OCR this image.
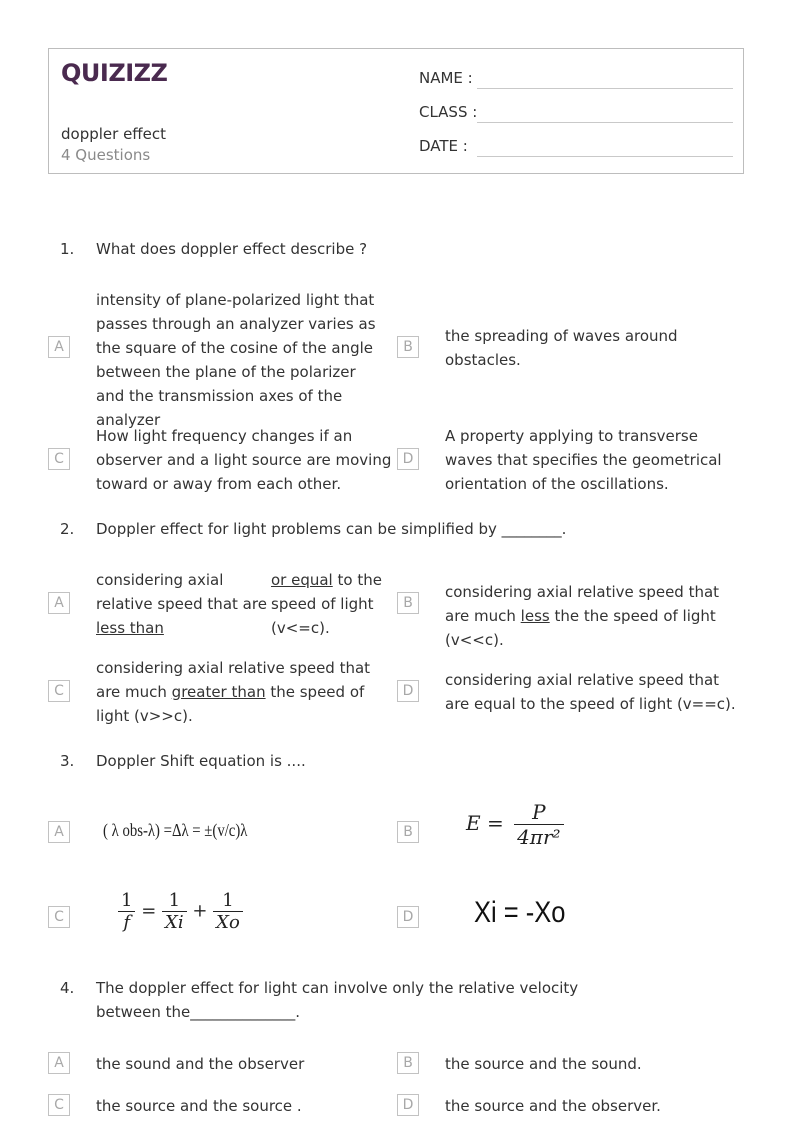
QUIZIZZ
doppler effect
4 Questions
NAME :
CLASS :
DATE :
1. What does doppler effect describe ?
A
intensity of plane-polarized light that passes through an analyzer varies as the square of the cosine of the angle between the plane of the polarizer and the transmission axes of the analyzer
B
the spreading of waves around obstacles.
C
How light frequency changes if an observer and a light source are moving toward or away from each other.
D
A property applying to transverse waves that specifies the geometrical orientation of the oscillations.
2. Doppler effect for light problems can be simplified by ________.
A
considering axial relative speed that are less than
or equal to the speed of light (v<=c).
B
considering axial relative speed that are much less the the speed of light (v<<c).
C
considering axial relative speed that are much greater than the speed of light (v>>c).
D
considering axial relative speed that are equal to the speed of light (v==c).
3. Doppler Shift equation is ....
A	( λ obs-λ) =Δλ = ±(v/c)λ	B	$E = \frac{P}{\text{4πr²}}$
C	$\frac{1}{f} = \frac{1}{Xi} + \frac{1}{Xo}$	D Xi = -Xo
4. The doppler effect for light can involve only the relative velocity between the______________.
A	the sound and the observer	B	the source and the sound.
C	the source and the source .	D	the source and the observer.
